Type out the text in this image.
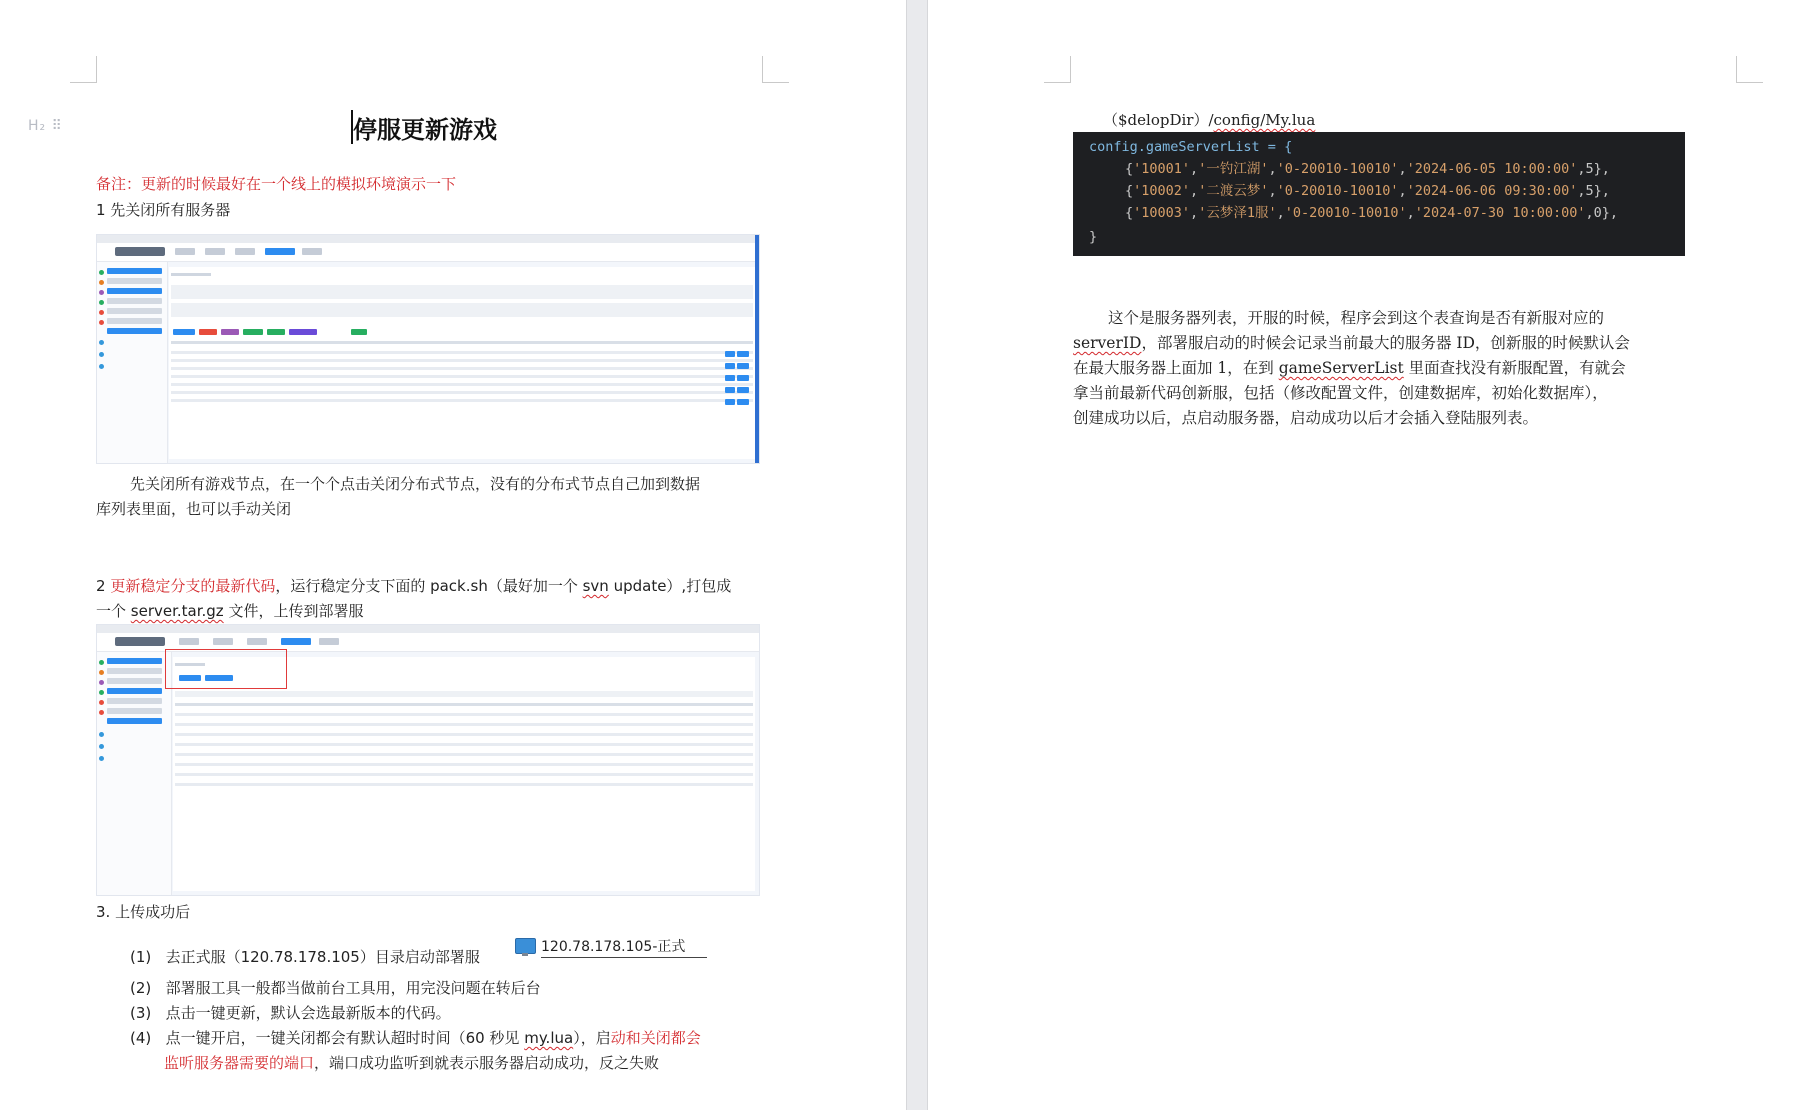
H₂ ⠿	停服更新游戏
备注：更新的时候最好在一个线上的模拟环境演示一下
1 先关闭所有服务器
先关闭所有游戏节点，在一个个点击关闭分布式节点，没有的分布式节点自己加到数据
库列表里面，也可以手动关闭
2 更新稳定分支的最新代码，运行稳定分支下面的 pack.sh（最好加一个 svn update）,打包成
一个 server.tar.gz 文件，上传到部署服
3. 上传成功后
120.78.178.105-正式
(1) 去正式服（120.78.178.105）目录启动部署服
(2) 部署服工具一般都当做前台工具用，用完没问题在转后台
(3) 点击一键更新，默认会选最新版本的代码。
(4) 点一键开启，一键关闭都会有默认超时时间（60 秒见 my.lua），启动和关闭都会
监听服务器需要的端口，端口成功监听到就表示服务器启动成功，反之失败
（$delopDir）/config/My.lua
config.gameServerList = {
{'10001','一钓江湖','0-20010-10010','2024-06-05 10:00:00',5},
{'10002','二渡云梦','0-20010-10010','2024-06-06 09:30:00',5},
{'10003','云梦泽1服','0-20010-10010','2024-07-30 10:00:00',0},
}
这个是服务器列表，开服的时候，程序会到这个表查询是否有新服对应的
serverID，部署服启动的时候会记录当前最大的服务器 ID，创新服的时候默认会
在最大服务器上面加 1，在到 gameServerList 里面查找没有新服配置，有就会
拿当前最新代码创新服，包括（修改配置文件，创建数据库，初始化数据库），
创建成功以后，点启动服务器，启动成功以后才会插入登陆服列表。
